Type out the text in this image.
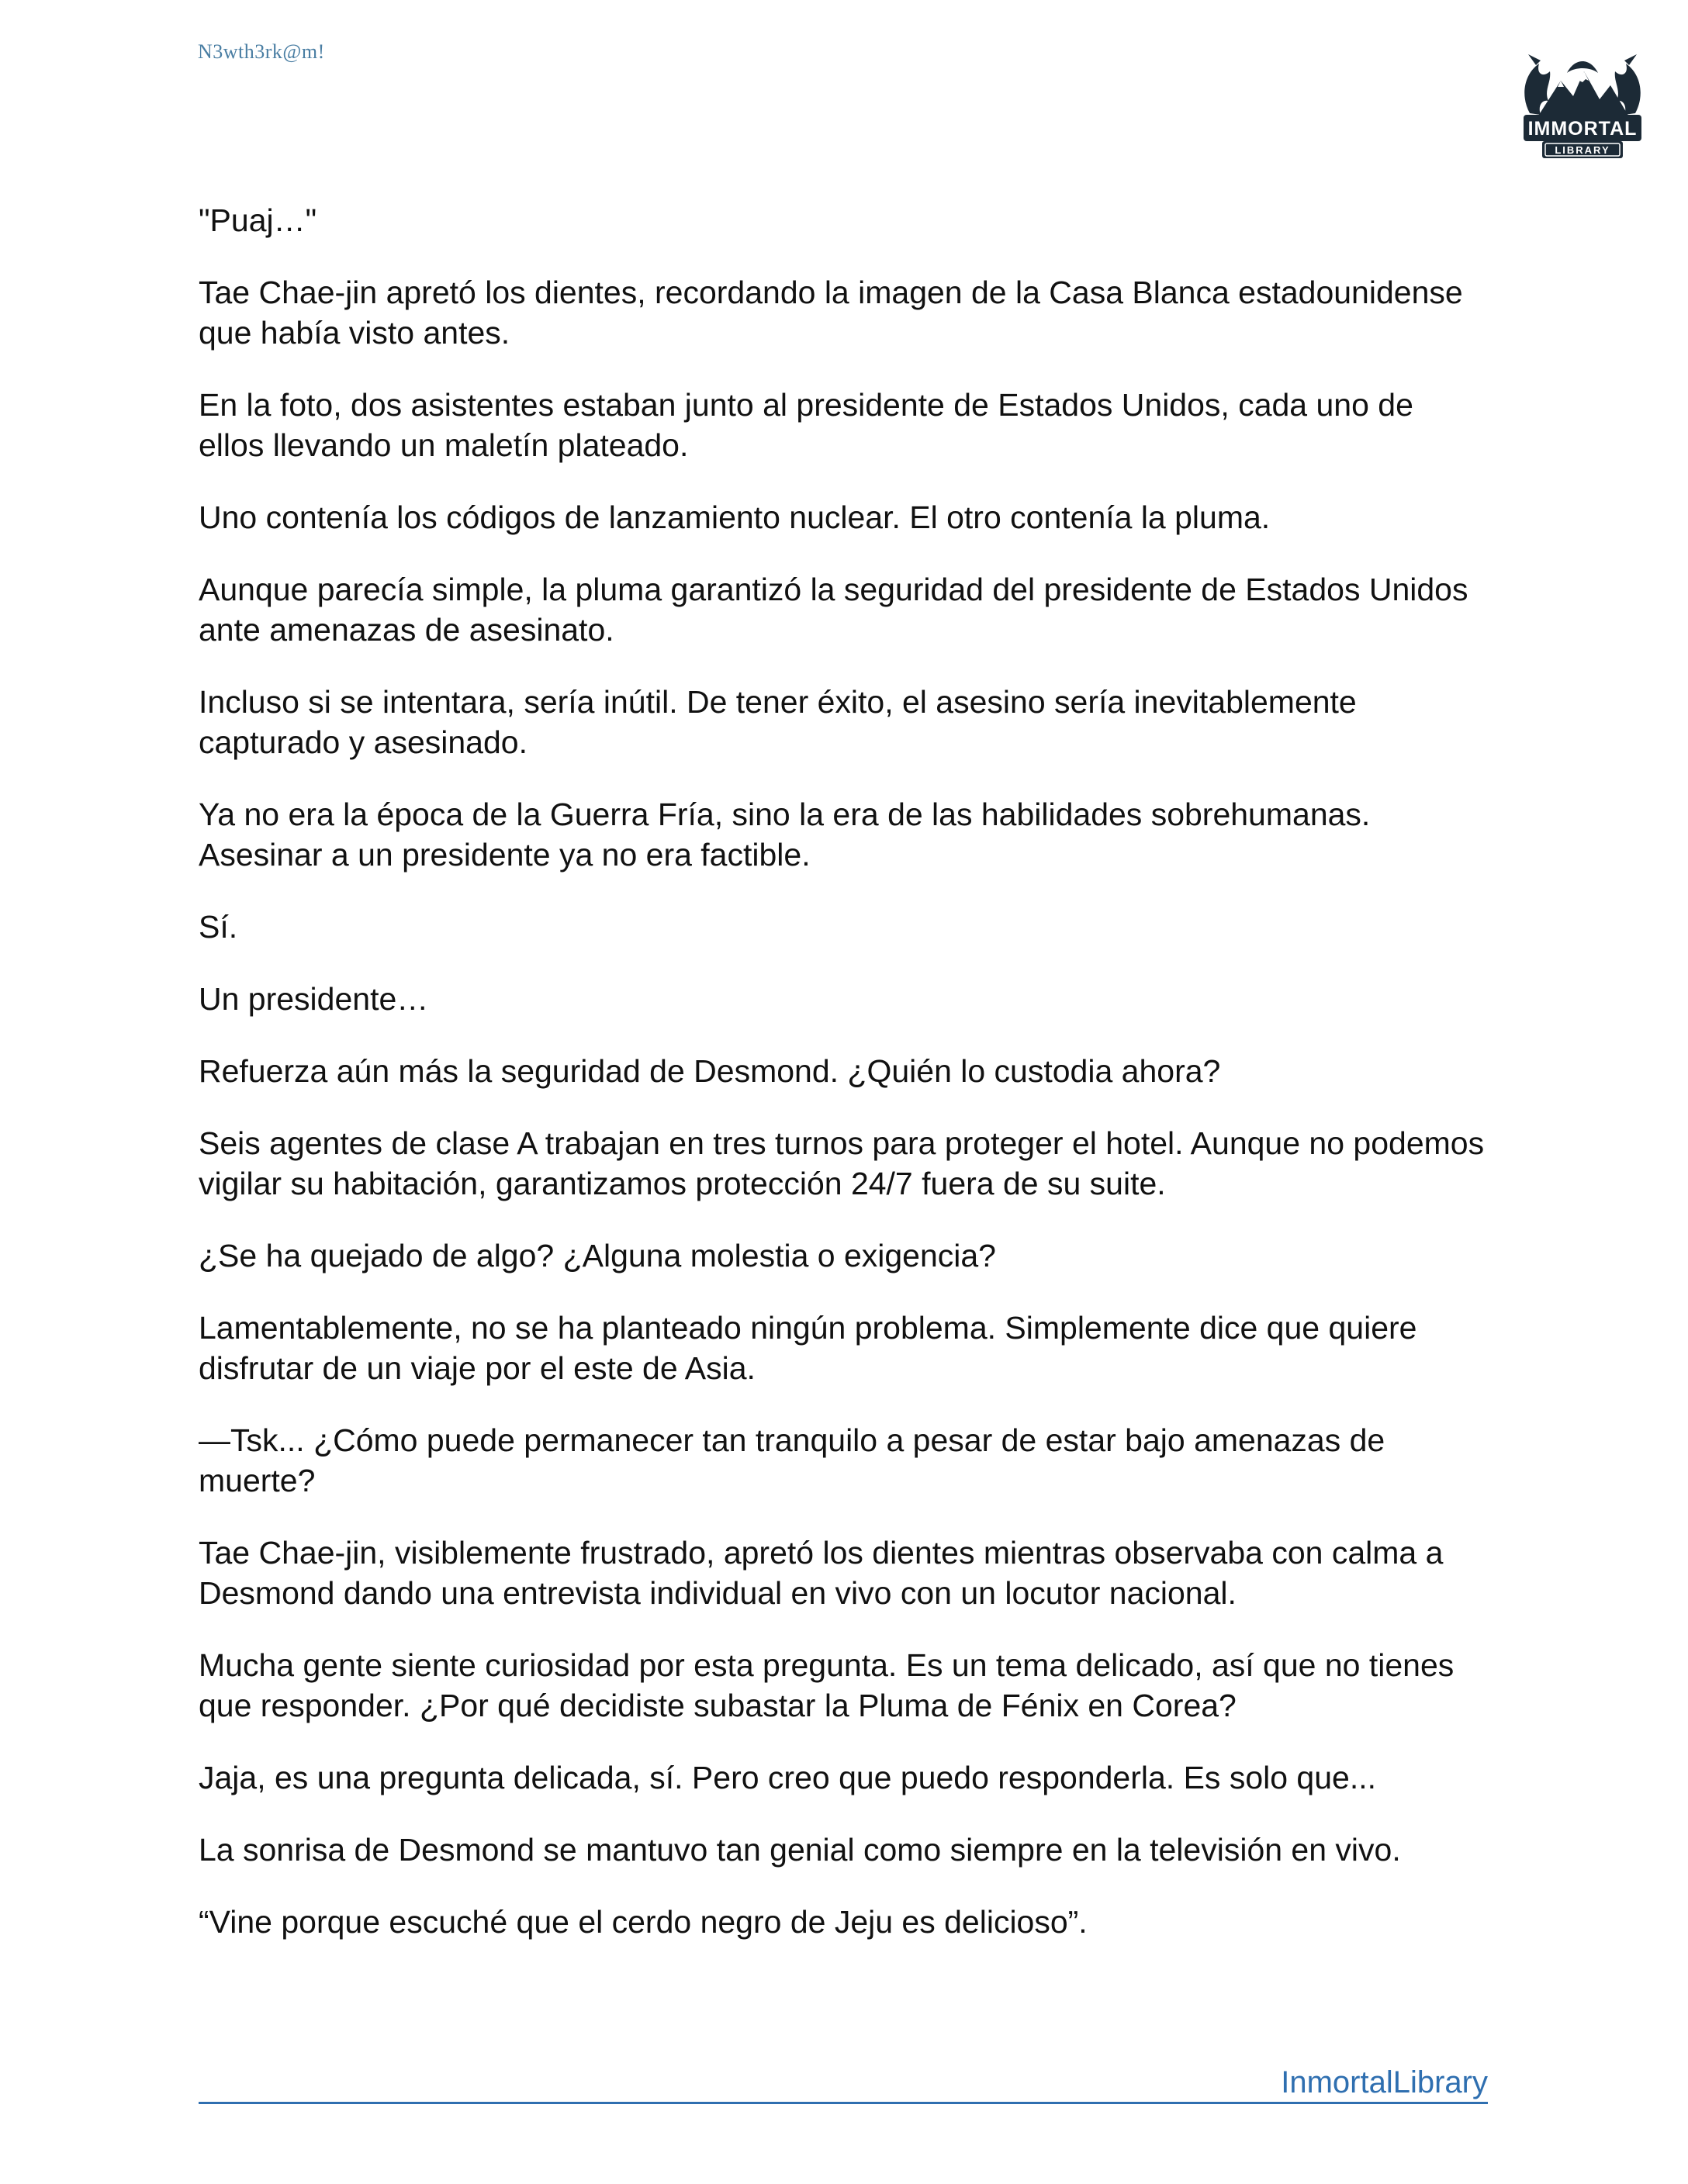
N3wth3rk@m!
IMMORTAL
LIBRARY

"Puaj…"

Tae Chae-jin apretó los dientes, recordando la imagen de la Casa Blanca estadounidense que había visto antes.

En la foto, dos asistentes estaban junto al presidente de Estados Unidos, cada uno de ellos llevando un maletín plateado.

Uno contenía los códigos de lanzamiento nuclear. El otro contenía la pluma.

Aunque parecía simple, la pluma garantizó la seguridad del presidente de Estados Unidos ante amenazas de asesinato.

Incluso si se intentara, sería inútil. De tener éxito, el asesino sería inevitablemente capturado y asesinado.

Ya no era la época de la Guerra Fría, sino la era de las habilidades sobrehumanas. Asesinar a un presidente ya no era factible.

Sí.

Un presidente…

Refuerza aún más la seguridad de Desmond. ¿Quién lo custodia ahora?

Seis agentes de clase A trabajan en tres turnos para proteger el hotel. Aunque no podemos vigilar su habitación, garantizamos protección 24/7 fuera de su suite.

¿Se ha quejado de algo? ¿Alguna molestia o exigencia?

Lamentablemente, no se ha planteado ningún problema. Simplemente dice que quiere disfrutar de un viaje por el este de Asia.

—Tsk... ¿Cómo puede permanecer tan tranquilo a pesar de estar bajo amenazas de muerte?

Tae Chae-jin, visiblemente frustrado, apretó los dientes mientras observaba con calma a Desmond dando una entrevista individual en vivo con un locutor nacional.

Mucha gente siente curiosidad por esta pregunta. Es un tema delicado, así que no tienes que responder. ¿Por qué decidiste subastar la Pluma de Fénix en Corea?

Jaja, es una pregunta delicada, sí. Pero creo que puedo responderla. Es solo que...

La sonrisa de Desmond se mantuvo tan genial como siempre en la televisión en vivo.

“Vine porque escuché que el cerdo negro de Jeju es delicioso”.

InmortalLibrary
